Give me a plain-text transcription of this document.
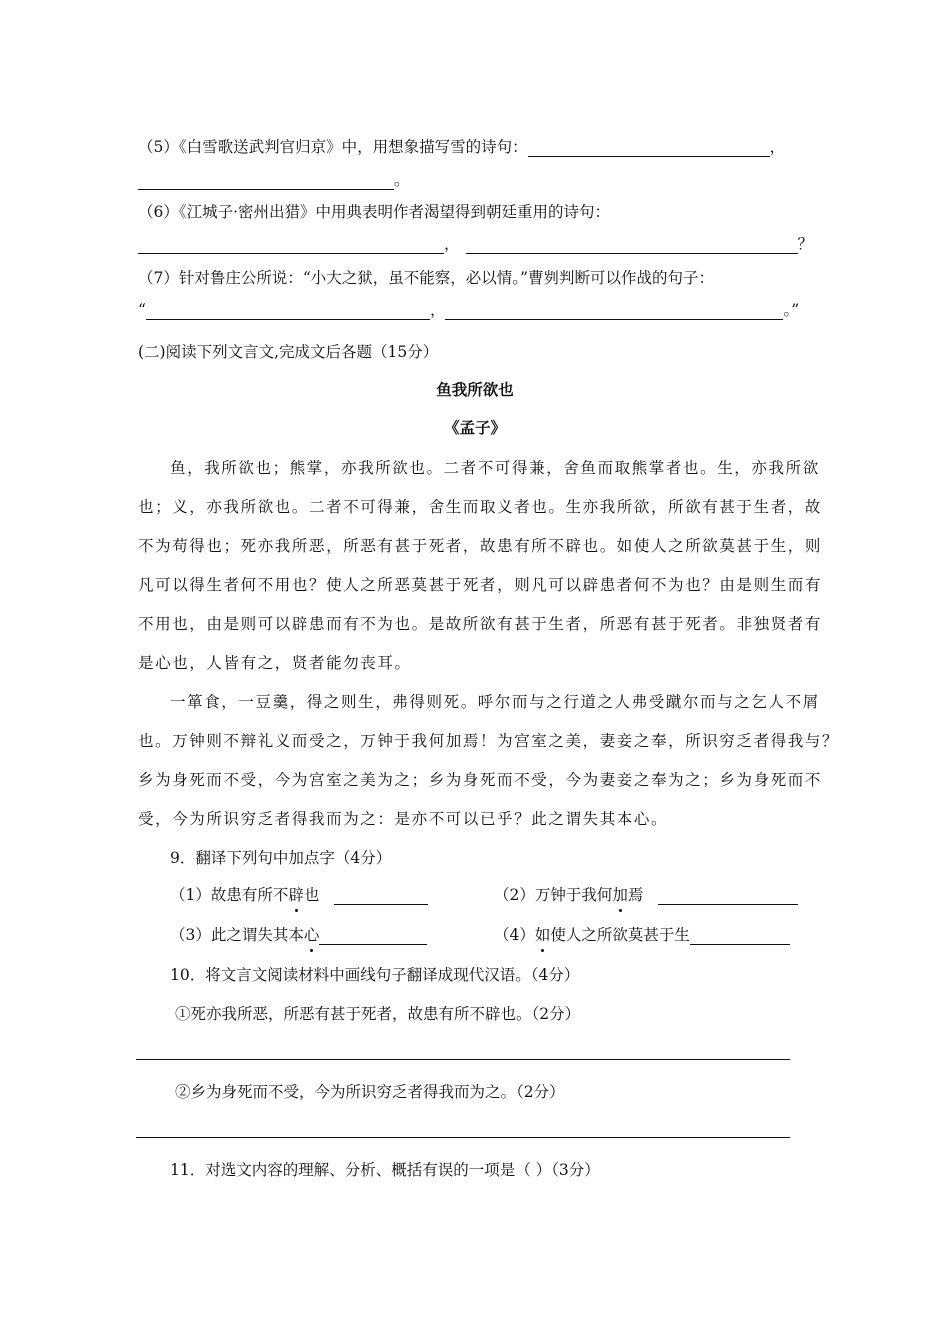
（5）《白雪歌送武判官归京》中，用想象描写雪的诗句：	，
。
（6）《江城子·密州出猎》中用典表明作者渴望得到朝廷重用的诗句：
，	？
（7）针对鲁庄公所说：“小大之狱，虽不能察，必以情。”曹刿判断可以作战的句子：
“	，	。”
(二)阅读下列文言文,完成文后各题（15分）
鱼我所欲也
《孟子》
鱼，我所欲也；熊掌，亦我所欲也。二者不可得兼，舍鱼而取熊掌者也。生，亦我所欲
也；义，亦我所欲也。二者不可得兼，舍生而取义者也。生亦我所欲，所欲有甚于生者，故
不为苟得也；死亦我所恶，所恶有甚于死者，故患有所不辟也。如使人之所欲莫甚于生，则
凡可以得生者何不用也？使人之所恶莫甚于死者，则凡可以辟患者何不为也？由是则生而有
不用也，由是则可以辟患而有不为也。是故所欲有甚于生者，所恶有甚于死者。非独贤者有
是心也，人皆有之，贤者能勿丧耳。
一箪食，一豆羹，得之则生，弗得则死。呼尔而与之行道之人弗受蹴尔而与之乞人不屑
也。万钟则不辩礼义而受之，万钟于我何加焉！为宫室之美，妻妾之奉，所识穷乏者得我与？
乡为身死而不受，今为宫室之美为之；乡为身死而不受，今为妻妾之奉为之；乡为身死而不
受，今为所识穷乏者得我而为之：是亦不可以已乎？此之谓失其本心。
9．翻译下列句中加点字（4分）
（1）故患有所不辟也	（2）万钟于我何加焉
（3）此之谓失其本心	（4）如使人之所欲莫甚于生
10．将文言文阅读材料中画线句子翻译成现代汉语。（4分）
①死亦我所恶，所恶有甚于死者，故患有所不辟也。（2分）
②乡为身死而不受，今为所识穷乏者得我而为之。（2分）
11．对选文内容的理解、分析、概括有误的一项是（ ）（3分）
